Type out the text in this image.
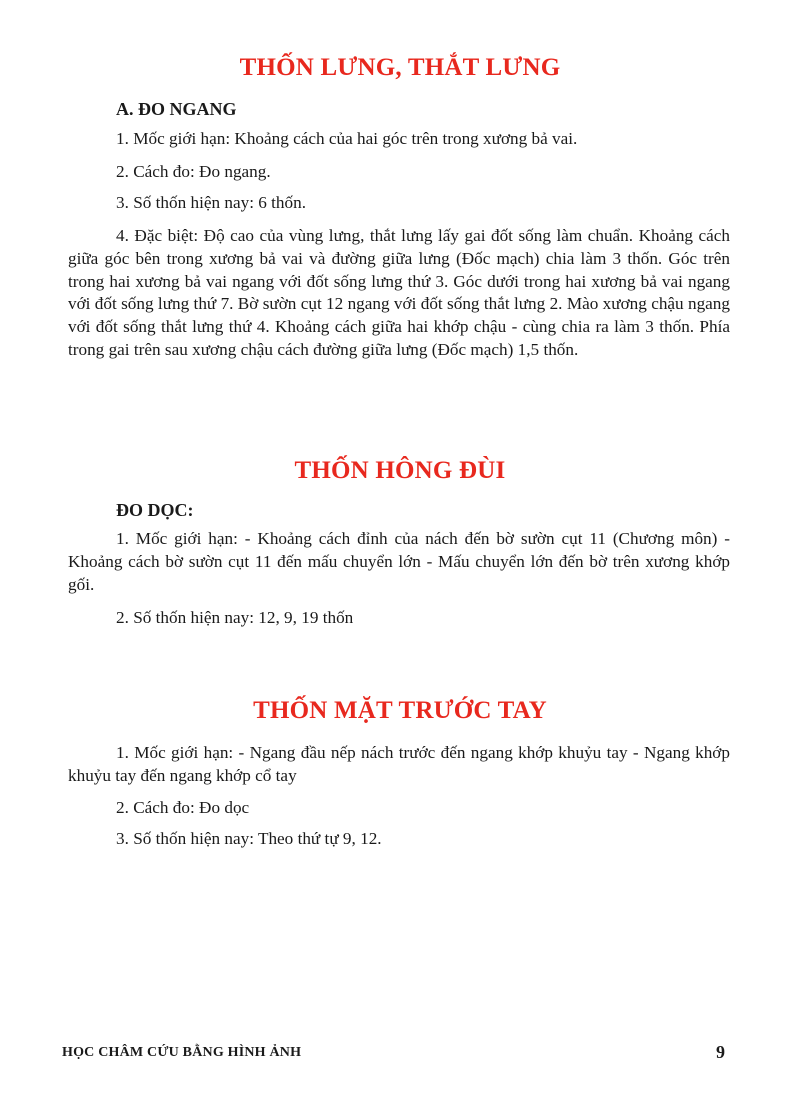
THỐN LƯNG, THẮT LƯNG
A. ĐO NGANG

1. Mốc giới hạn: Khoảng cách của hai góc trên trong xương bả vai.

2. Cách đo: Đo ngang.

3. Số thốn hiện nay: 6 thốn.

4. Đặc biệt: Độ cao của vùng lưng, thắt lưng lấy gai đốt sống làm chuẩn. Khoảng cách giữa góc bên trong xương bả vai và đường giữa lưng (Đốc mạch) chia làm 3 thốn. Góc trên trong hai xương bả vai ngang với đốt sống lưng thứ 3. Góc dưới trong hai xương bả vai ngang với đốt sống lưng thứ 7. Bờ sườn cụt 12 ngang với đốt sống thắt lưng 2. Mào xương chậu ngang với đốt sống thắt lưng thứ 4. Khoảng cách giữa hai khớp chậu - cùng chia ra làm 3 thốn. Phía trong gai trên sau xương chậu cách đường giữa lưng (Đốc mạch) 1,5 thốn.

THỐN HÔNG ĐÙI
ĐO DỌC:

1. Mốc giới hạn: - Khoảng cách đỉnh của nách đến bờ sườn cụt 11 (Chương môn) - Khoảng cách bờ sườn cụt 11 đến mấu chuyển lớn - Mấu chuyển lớn đến bờ trên xương khớp gối.

2. Số thốn hiện nay: 12, 9, 19 thốn

THỐN MẶT TRƯỚC TAY

1. Mốc giới hạn: - Ngang đầu nếp nách trước đến ngang khớp khuỷu tay - Ngang khớp khuỷu tay đến ngang khớp cổ tay

2. Cách đo: Đo dọc

3. Số thốn hiện nay: Theo thứ tự 9, 12.

HỌC CHÂM CỨU BẰNG HÌNH ẢNH	9
